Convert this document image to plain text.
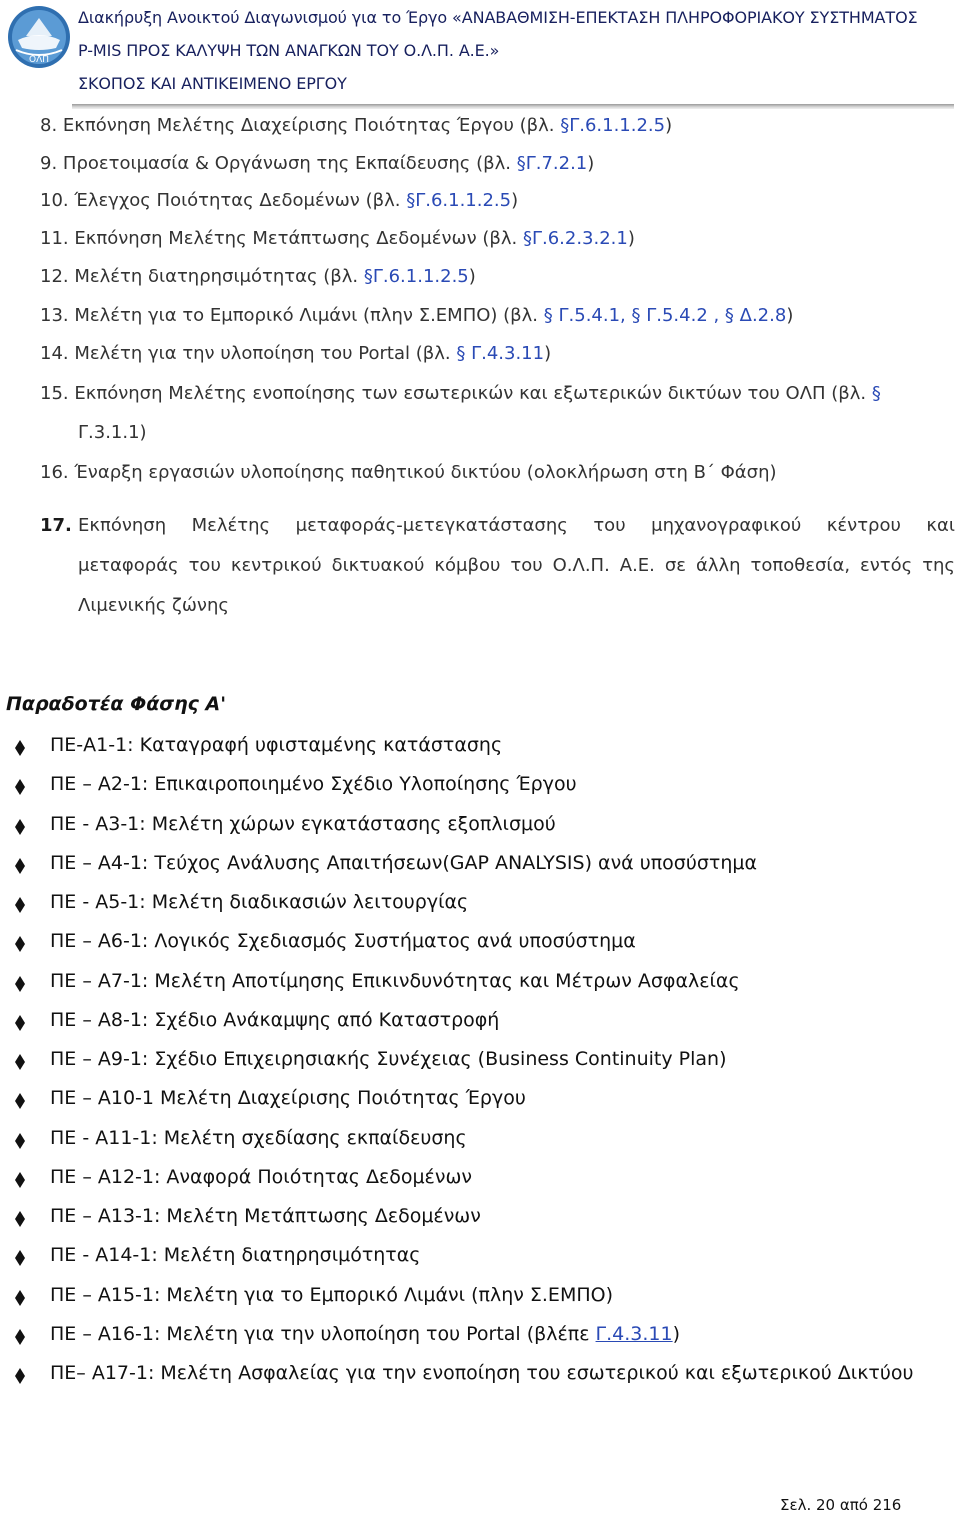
ΟΛΠ
Διακήρυξη Ανοικτού Διαγωνισμού για το Έργο «ΑΝΑΒΑΘΜΙΣΗ-ΕΠΕΚΤΑΣΗ ΠΛΗΡΟΦΟΡΙΑΚΟΥ ΣΥΣΤΗΜΑΤΟΣ
P-MIS ΠΡΟΣ ΚΑΛΥΨΗ ΤΩΝ ΑΝΑΓΚΩΝ ΤΟΥ Ο.Λ.Π. Α.Ε.»
ΣΚΟΠΟΣ ΚΑΙ ΑΝΤΙΚΕΙΜΕΝΟ ΕΡΓΟΥ
8. Εκπόνηση Μελέτης Διαχείρισης Ποιότητας Έργου (βλ. §Γ.6.1.1.2.5)
9. Προετοιμασία & Οργάνωση της Εκπαίδευσης (βλ. §Γ.7.2.1)
10. Έλεγχος Ποιότητας Δεδομένων (βλ. §Γ.6.1.1.2.5)
11. Εκπόνηση Μελέτης Μετάπτωσης Δεδομένων (βλ. §Γ.6.2.3.2.1)
12. Μελέτη διατηρησιμότητας (βλ. §Γ.6.1.1.2.5)
13. Μελέτη για το Εμπορικό Λιμάνι (πλην Σ.ΕΜΠΟ) (βλ. § Γ.5.4.1, § Γ.5.4.2 , § Δ.2.8)
14. Μελέτη για την υλοποίηση του Portal (βλ. § Γ.4.3.11)
15. Εκπόνηση Μελέτης ενοποίησης των εσωτερικών και εξωτερικών δικτύων του ΟΛΠ (βλ. §
Γ.3.1.1)
16. Έναρξη εργασιών υλοποίησης παθητικού δικτύου (ολοκλήρωση στη Β΄ Φάση)
17. Εκπόνηση Μελέτης μεταφοράς-μετεγκατάστασης του μηχανογραφικού κέντρου και
μεταφοράς του κεντρικού δικτυακού κόμβου του Ο.Λ.Π. Α.Ε. σε άλλη τοποθεσία, εντός της
Λιμενικής ζώνης
Παραδοτέα Φάσης Α'
ΠΕ-Α1-1: Καταγραφή υφισταμένης κατάστασης
ΠΕ – Α2-1: Επικαιροποιημένο Σχέδιο Υλοποίησης Έργου
ΠΕ - Α3-1: Μελέτη χώρων εγκατάστασης εξοπλισμού
ΠΕ – Α4-1: Τεύχος Ανάλυσης Απαιτήσεων(GAP ANALYSIS) ανά υποσύστημα
ΠΕ - Α5-1: Μελέτη διαδικασιών λειτουργίας
ΠΕ – Α6-1: Λογικός Σχεδιασμός Συστήματος ανά υποσύστημα
ΠΕ – Α7-1: Μελέτη Αποτίμησης Επικινδυνότητας και Μέτρων Ασφαλείας
ΠΕ – Α8-1: Σχέδιο Ανάκαμψης από Καταστροφή
ΠΕ – Α9-1: Σχέδιο Επιχειρησιακής Συνέχειας (Business Continuity Plan)
ΠΕ – Α10-1 Μελέτη Διαχείρισης Ποιότητας Έργου
ΠΕ - Α11-1: Μελέτη σχεδίασης εκπαίδευσης
ΠΕ – Α12-1: Αναφορά Ποιότητας Δεδομένων
ΠΕ – Α13-1: Μελέτη Μετάπτωσης Δεδομένων
ΠΕ - Α14-1: Μελέτη διατηρησιμότητας
ΠΕ – Α15-1: Μελέτη για το Εμπορικό Λιμάνι (πλην Σ.ΕΜΠΟ)
ΠΕ – Α16-1: Μελέτη για την υλοποίηση του Portal (βλέπε Γ.4.3.11)
ΠΕ– Α17-1: Μελέτη Ασφαλείας για την ενοποίηση του εσωτερικού και εξωτερικού Δικτύου
Σελ. 20 από 216
